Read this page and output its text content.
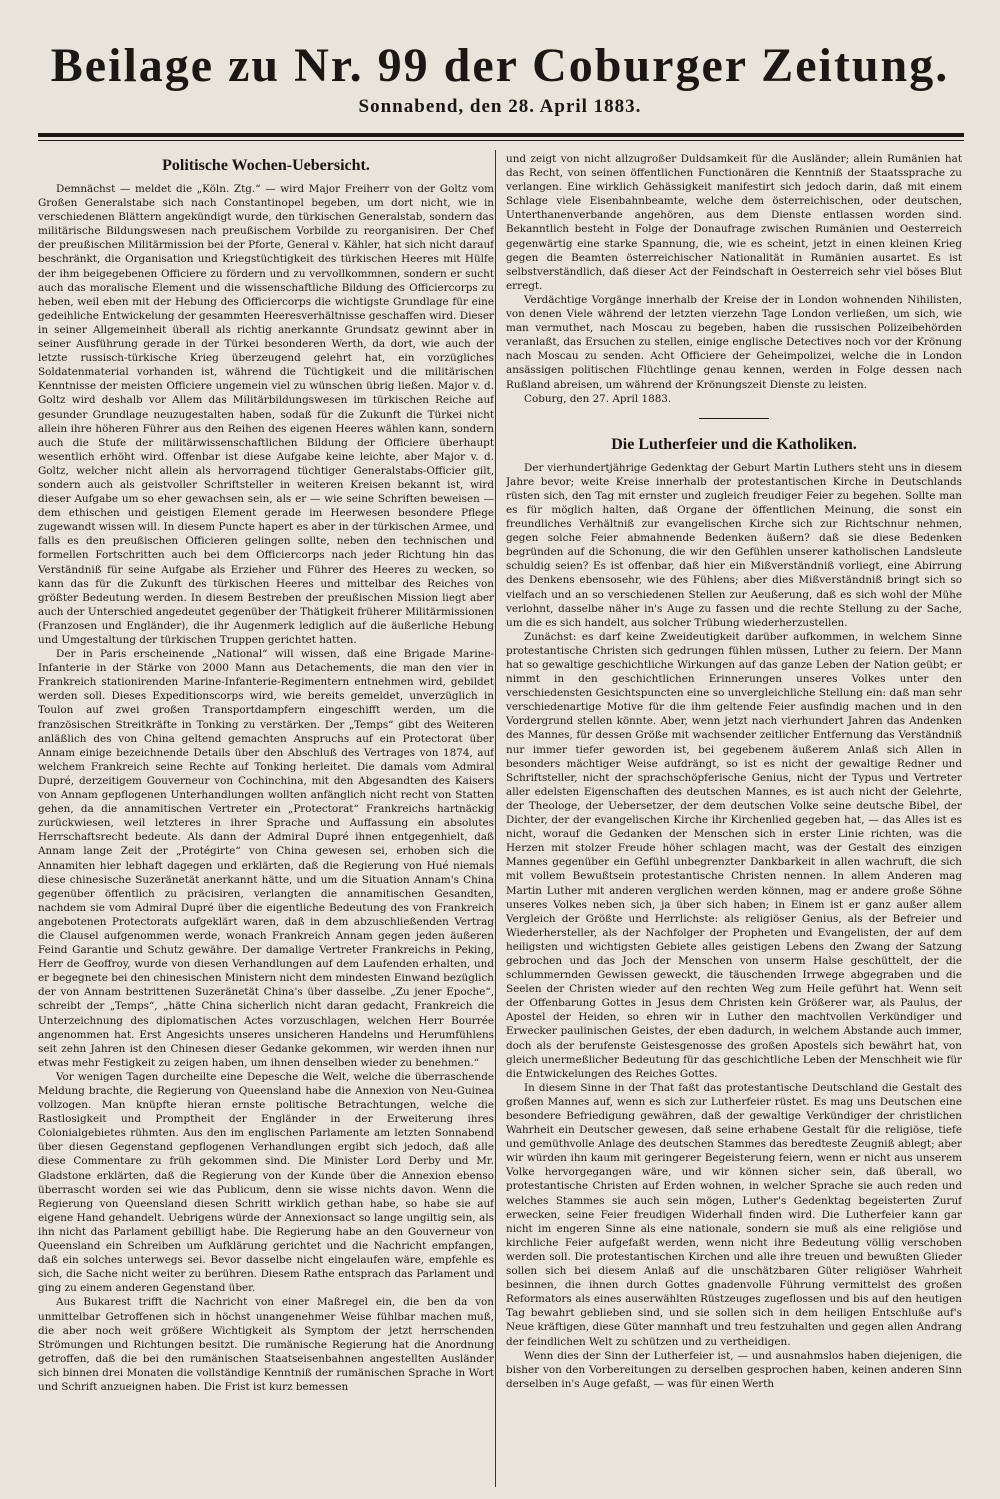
Beilage zu Nr. 99 der Coburger Zeitung.
Sonnabend, den 28. April 1883.
Politische Wochen-Uebersicht.

Demnächst — meldet die „Köln. Ztg.“ — wird Major Freiherr von der Goltz vom Großen Generalstabe sich nach Constantinopel begeben, um dort nicht, wie in verschiedenen Blättern angekündigt wurde, den türkischen Generalstab, sondern das militärische Bildungswesen nach preußischem Vorbilde zu reorganisiren. Der Chef der preußischen Militärmission bei der Pforte, General v. Kähler, hat sich nicht darauf beschränkt, die Organisation und Kriegstüchtigkeit des türkischen Heeres mit Hülfe der ihm beigegebenen Officiere zu fördern und zu vervollkommnen, sondern er sucht auch das moralische Element und die wissenschaftliche Bildung des Officiercorps zu heben, weil eben mit der Hebung des Officiercorps die wichtigste Grundlage für eine gedeihliche Entwickelung der gesammten Heeresverhältnisse geschaffen wird. Dieser in seiner Allgemeinheit überall als richtig anerkannte Grundsatz gewinnt aber in seiner Ausführung gerade in der Türkei besonderen Werth, da dort, wie auch der letzte russisch-türkische Krieg überzeugend gelehrt hat, ein vorzügliches Soldatenmaterial vorhanden ist, während die Tüchtigkeit und die militärischen Kenntnisse der meisten Officiere ungemein viel zu wünschen übrig ließen. Major v. d. Goltz wird deshalb vor Allem das Militärbildungswesen im türkischen Reiche auf gesunder Grundlage neuzugestalten haben, sodaß für die Zukunft die Türkei nicht allein ihre höheren Führer aus den Reihen des eigenen Heeres wählen kann, sondern auch die Stufe der militärwissenschaftlichen Bildung der Officiere überhaupt wesentlich erhöht wird. Offenbar ist diese Aufgabe keine leichte, aber Major v. d. Goltz, welcher nicht allein als hervorragend tüchtiger Generalstabs-Officier gilt, sondern auch als geistvoller Schriftsteller in weiteren Kreisen bekannt ist, wird dieser Aufgabe um so eher gewachsen sein, als er — wie seine Schriften beweisen — dem ethischen und geistigen Element gerade im Heerwesen besondere Pflege zugewandt wissen will. In diesem Puncte hapert es aber in der türkischen Armee, und falls es den preußischen Officieren gelingen sollte, neben den technischen und formellen Fortschritten auch bei dem Officiercorps nach jeder Richtung hin das Verständniß für seine Aufgabe als Erzieher und Führer des Heeres zu wecken, so kann das für die Zukunft des türkischen Heeres und mittelbar des Reiches von größter Bedeutung werden. In diesem Bestreben der preußischen Mission liegt aber auch der Unterschied angedeutet gegenüber der Thätigkeit früherer Militärmissionen (Franzosen und Engländer), die ihr Augenmerk lediglich auf die äußerliche Hebung und Umgestaltung der türkischen Truppen gerichtet hatten.

Der in Paris erscheinende „National“ will wissen, daß eine Brigade Marine-Infanterie in der Stärke von 2000 Mann aus Detachements, die man den vier in Frankreich stationirenden Marine-Infanterie-Regimentern entnehmen wird, gebildet werden soll. Dieses Expeditionscorps wird, wie bereits gemeldet, unverzüglich in Toulon auf zwei großen Transportdampfern eingeschifft werden, um die französischen Streitkräfte in Tonking zu verstärken. Der „Temps“ gibt des Weiteren anläßlich des von China geltend gemachten Anspruchs auf ein Protectorat über Annam einige bezeichnende Details über den Abschluß des Vertrages von 1874, auf welchem Frankreich seine Rechte auf Tonking herleitet. Die damals vom Admiral Dupré, derzeitigem Gouverneur von Cochinchina, mit den Abgesandten des Kaisers von Annam gepflogenen Unterhandlungen wollten anfänglich nicht recht von Statten gehen, da die annamitischen Vertreter ein „Protectorat“ Frankreichs hartnäckig zurückwiesen, weil letzteres in ihrer Sprache und Auffassung ein absolutes Herrschaftsrecht bedeute. Als dann der Admiral Dupré ihnen entgegenhielt, daß Annam lange Zeit der „Protégirte“ von China gewesen sei, erhoben sich die Annamiten hier lebhaft dagegen und erklärten, daß die Regierung von Hué niemals diese chinesische Suzeränetät anerkannt hätte, und um die Situation Annam's China gegenüber öffentlich zu präcisiren, verlangten die annamitischen Gesandten, nachdem sie vom Admiral Dupré über die eigentliche Bedeutung des von Frankreich angebotenen Protectorats aufgeklärt waren, daß in dem abzuschließenden Vertrag die Clausel aufgenommen werde, wonach Frankreich Annam gegen jeden äußeren Feind Garantie und Schutz gewähre. Der damalige Vertreter Frankreichs in Peking, Herr de Geoffroy, wurde von diesen Verhandlungen auf dem Laufenden erhalten, und er begegnete bei den chinesischen Ministern nicht dem mindesten Einwand bezüglich der von Annam bestrittenen Suzeränetät China's über dasselbe. „Zu jener Epoche“, schreibt der „Temps“, „hätte China sicherlich nicht daran gedacht, Frankreich die Unterzeichnung des diplomatischen Actes vorzuschlagen, welchen Herr Bourrée angenommen hat. Erst Angesichts unseres unsicheren Handelns und Herumfühlens seit zehn Jahren ist den Chinesen dieser Gedanke gekommen, wir werden ihnen nur etwas mehr Festigkeit zu zeigen haben, um ihnen denselben wieder zu benehmen.“

Vor wenigen Tagen durcheilte eine Depesche die Welt, welche die überraschende Meldung brachte, die Regierung von Queensland habe die Annexion von Neu-Guinea vollzogen. Man knüpfte hieran ernste politische Betrachtungen, welche die Rastlosigkeit und Promptheit der Engländer in der Erweiterung ihres Colonialgebietes rühmten. Aus den im englischen Parlamente am letzten Sonnabend über diesen Gegenstand gepflogenen Verhandlungen ergibt sich jedoch, daß alle diese Commentare zu früh gekommen sind. Die Minister Lord Derby und Mr. Gladstone erklärten, daß die Regierung von der Kunde über die Annexion ebenso überrascht worden sei wie das Publicum, denn sie wisse nichts davon. Wenn die Regierung von Queensland diesen Schritt wirklich gethan habe, so habe sie auf eigene Hand gehandelt. Uebrigens würde der Annexionsact so lange ungiltig sein, als ihn nicht das Parlament gebilligt habe. Die Regierung habe an den Gouverneur von Queensland ein Schreiben um Aufklärung gerichtet und die Nachricht empfangen, daß ein solches unterwegs sei. Bevor dasselbe nicht eingelaufen wäre, empfehle es sich, die Sache nicht weiter zu berühren. Diesem Rathe entsprach das Parlament und ging zu einem anderen Gegenstand über.

Aus Bukarest trifft die Nachricht von einer Maßregel ein, die ben da von unmittelbar Getroffenen sich in höchst unangenehmer Weise fühlbar machen muß, die aber noch weit größere Wichtigkeit als Symptom der jetzt herrschenden Strömungen und Richtungen besitzt. Die rumänische Regierung hat die Anordnung getroffen, daß die bei den rumänischen Staatseisenbahnen angestellten Ausländer sich binnen drei Monaten die vollständige Kenntniß der rumänischen Sprache in Wort und Schrift anzueignen haben. Die Frist ist kurz bemessen

und zeigt von nicht allzugroßer Duldsamkeit für die Ausländer; allein Rumänien hat das Recht, von seinen öffentlichen Functionären die Kenntniß der Staatssprache zu verlangen. Eine wirklich Gehässigkeit manifestirt sich jedoch darin, daß mit einem Schlage viele Eisenbahnbeamte, welche dem österreichischen, oder deutschen, Unterthanenverbande angehören, aus dem Dienste entlassen worden sind. Bekanntlich besteht in Folge der Donaufrage zwischen Rumänien und Oesterreich gegenwärtig eine starke Spannung, die, wie es scheint, jetzt in einen kleinen Krieg gegen die Beamten österreichischer Nationalität in Rumänien ausartet. Es ist selbstverständlich, daß dieser Act der Feindschaft in Oesterreich sehr viel böses Blut erregt.

Verdächtige Vorgänge innerhalb der Kreise der in London wohnenden Nihilisten, von denen Viele während der letzten vierzehn Tage London verließen, um sich, wie man vermuthet, nach Moscau zu begeben, haben die russischen Polizeibehörden veranlaßt, das Ersuchen zu stellen, einige englische Detectives noch vor der Krönung nach Moscau zu senden. Acht Officiere der Geheimpolizei, welche die in London ansässigen politischen Flüchtlinge genau kennen, werden in Folge dessen nach Rußland abreisen, um während der Krönungszeit Dienste zu leisten.

Coburg, den 27. April 1883.

Die Lutherfeier und die Katholiken.

Der vierhundertjährige Gedenktag der Geburt Martin Luthers steht uns in diesem Jahre bevor; weite Kreise innerhalb der protestantischen Kirche in Deutschlands rüsten sich, den Tag mit ernster und zugleich freudiger Feier zu begehen. Sollte man es für möglich halten, daß Organe der öffentlichen Meinung, die sonst ein freundliches Verhältniß zur evangelischen Kirche sich zur Richtschnur nehmen, gegen solche Feier abmahnende Bedenken äußern? daß sie diese Bedenken begründen auf die Schonung, die wir den Gefühlen unserer katholischen Landsleute schuldig seien? Es ist offenbar, daß hier ein Mißverständniß vorliegt, eine Abirrung des Denkens ebensosehr, wie des Fühlens; aber dies Mißverständniß bringt sich so vielfach und an so verschiedenen Stellen zur Aeußerung, daß es sich wohl der Mühe verlohnt, dasselbe näher in's Auge zu fassen und die rechte Stellung zu der Sache, um die es sich handelt, aus solcher Trübung wiederherzustellen.

Zunächst: es darf keine Zweideutigkeit darüber aufkommen, in welchem Sinne protestantische Christen sich gedrungen fühlen müssen, Luther zu feiern. Der Mann hat so gewaltige geschichtliche Wirkungen auf das ganze Leben der Nation geübt; er nimmt in den geschichtlichen Erinnerungen unseres Volkes unter den verschiedensten Gesichtspuncten eine so unvergleichliche Stellung ein: daß man sehr verschiedenartige Motive für die ihm geltende Feier ausfindig machen und in den Vordergrund stellen könnte. Aber, wenn jetzt nach vierhundert Jahren das Andenken des Mannes, für dessen Größe mit wachsender zeitlicher Entfernung das Verständniß nur immer tiefer geworden ist, bei gegebenem äußerem Anlaß sich Allen in besonders mächtiger Weise aufdrängt, so ist es nicht der gewaltige Redner und Schriftsteller, nicht der sprachschöpferische Genius, nicht der Typus und Vertreter aller edelsten Eigenschaften des deutschen Mannes, es ist auch nicht der Gelehrte, der Theologe, der Uebersetzer, der dem deutschen Volke seine deutsche Bibel, der Dichter, der der evangelischen Kirche ihr Kirchenlied gegeben hat, — das Alles ist es nicht, worauf die Gedanken der Menschen sich in erster Linie richten, was die Herzen mit stolzer Freude höher schlagen macht, was der Gestalt des einzigen Mannes gegenüber ein Gefühl unbegrenzter Dankbarkeit in allen wachruft, die sich mit vollem Bewußtsein protestantische Christen nennen. In allem Anderen mag Martin Luther mit anderen verglichen werden können, mag er andere große Söhne unseres Volkes neben sich, ja über sich haben; in Einem ist er ganz außer allem Vergleich der Größte und Herrlichste: als religiöser Genius, als der Befreier und Wiederhersteller, als der Nachfolger der Propheten und Evangelisten, der auf dem heiligsten und wichtigsten Gebiete alles geistigen Lebens den Zwang der Satzung gebrochen und das Joch der Menschen von unserm Halse geschüttelt, der die schlummernden Gewissen geweckt, die täuschenden Irrwege abgegraben und die Seelen der Christen wieder auf den rechten Weg zum Heile geführt hat. Wenn seit der Offenbarung Gottes in Jesus dem Christen kein Größerer war, als Paulus, der Apostel der Heiden, so ehren wir in Luther den machtvollen Verkündiger und Erwecker paulinischen Geistes, der eben dadurch, in welchem Abstande auch immer, doch als der berufenste Geistesgenosse des großen Apostels sich bewährt hat, von gleich unermeßlicher Bedeutung für das geschichtliche Leben der Menschheit wie für die Entwickelungen des Reiches Gottes.

In diesem Sinne in der That faßt das protestantische Deutschland die Gestalt des großen Mannes auf, wenn es sich zur Lutherfeier rüstet. Es mag uns Deutschen eine besondere Befriedigung gewähren, daß der gewaltige Verkündiger der christlichen Wahrheit ein Deutscher gewesen, daß seine erhabene Gestalt für die religiöse, tiefe und gemüthvolle Anlage des deutschen Stammes das beredteste Zeugniß ablegt; aber wir würden ihn kaum mit geringerer Begeisterung feiern, wenn er nicht aus unserem Volke hervorgegangen wäre, und wir können sicher sein, daß überall, wo protestantische Christen auf Erden wohnen, in welcher Sprache sie auch reden und welches Stammes sie auch sein mögen, Luther's Gedenktag begeisterten Zuruf erwecken, seine Feier freudigen Widerhall finden wird. Die Lutherfeier kann gar nicht im engeren Sinne als eine nationale, sondern sie muß als eine religiöse und kirchliche Feier aufgefaßt werden, wenn nicht ihre Bedeutung völlig verschoben werden soll. Die protestantischen Kirchen und alle ihre treuen und bewußten Glieder sollen sich bei diesem Anlaß auf die unschätzbaren Güter religiöser Wahrheit besinnen, die ihnen durch Gottes gnadenvolle Führung vermittelst des großen Reformators als eines auserwählten Rüstzeuges zugeflossen und bis auf den heutigen Tag bewahrt geblieben sind, und sie sollen sich in dem heiligen Entschluße auf's Neue kräftigen, diese Güter mannhaft und treu festzuhalten und gegen allen Andrang der feindlichen Welt zu schützen und zu vertheidigen.

Wenn dies der Sinn der Lutherfeier ist, — und ausnahmslos haben diejenigen, die bisher von den Vorbereitungen zu derselben gesprochen haben, keinen anderen Sinn derselben in's Auge gefaßt, — was für einen Werth
